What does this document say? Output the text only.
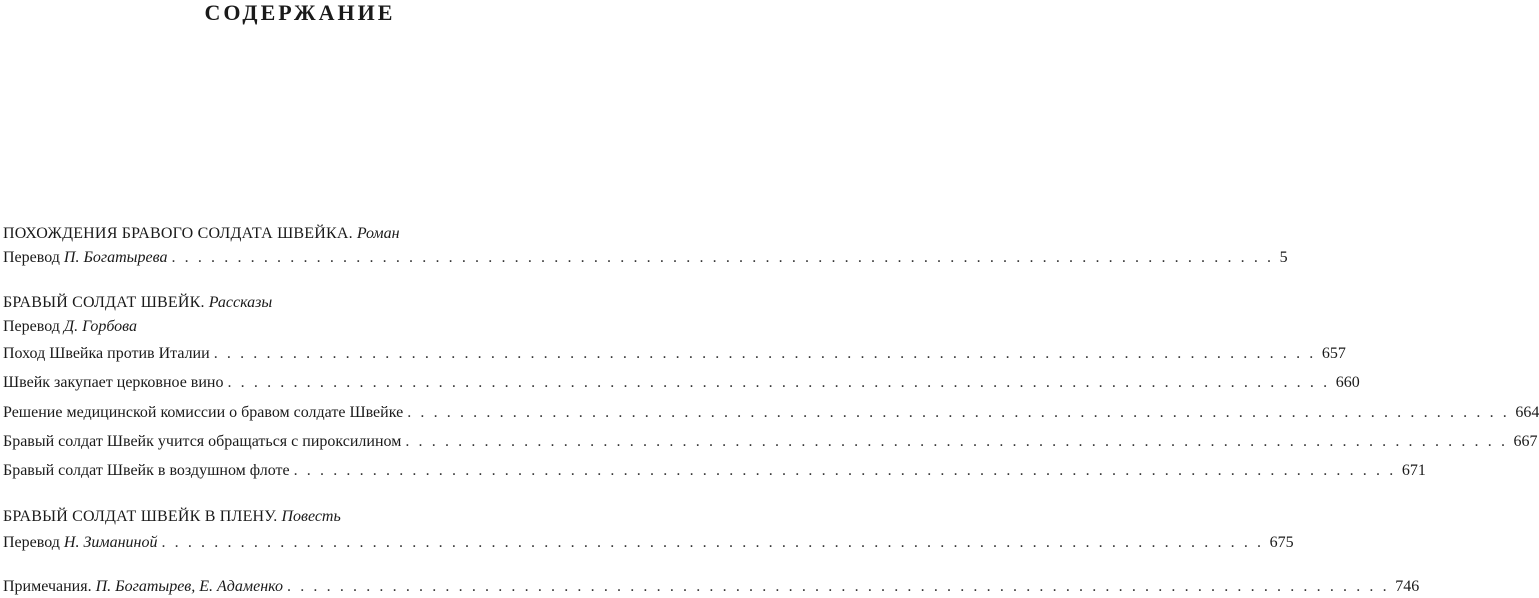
СОДЕРЖАНИЕ
ПОХОЖДЕНИЯ БРАВОГО СОЛДАТА ШВЕЙКА. Роман
Перевод П. Богатырева . . . . . . . . . . . . . . . . . . . . . . . . . . . . . . . . . . . . . . . . . . . . . . . . . . . . . . . . . . . . . . . . . . . . . . . . . . . . . . . . . . . . 5
БРАВЫЙ СОЛДАТ ШВЕЙК. Рассказы
Перевод Д. Горбова
Поход Швейка против Италии . . . . . . . . . . . . . . . . . . . . . . . . . . . . . . . . . . . . . . . . . . . . . . . . . . . . . . . . . . . . . . . . . . . . . . . . . . . . . . . . . . . . 657
Швейк закупает церковное вино . . . . . . . . . . . . . . . . . . . . . . . . . . . . . . . . . . . . . . . . . . . . . . . . . . . . . . . . . . . . . . . . . . . . . . . . . . . . . . . . . . . . 660
Решение медицинской комиссии о бравом солдате Швейке . . . . . . . . . . . . . . . . . . . . . . . . . . . . . . . . . . . . . . . . . . . . . . . . . . . . . . . . . . . . . . . . . . . . . . . . . . . . . . . . . . . . 664
Бравый солдат Швейк учится обращаться с пироксилином . . . . . . . . . . . . . . . . . . . . . . . . . . . . . . . . . . . . . . . . . . . . . . . . . . . . . . . . . . . . . . . . . . . . . . . . . . . . . . . . . . . . 667
Бравый солдат Швейк в воздушном флоте . . . . . . . . . . . . . . . . . . . . . . . . . . . . . . . . . . . . . . . . . . . . . . . . . . . . . . . . . . . . . . . . . . . . . . . . . . . . . . . . . . . . 671
БРАВЫЙ СОЛДАТ ШВЕЙК В ПЛЕНУ. Повесть
Перевод Н. Зиманиной . . . . . . . . . . . . . . . . . . . . . . . . . . . . . . . . . . . . . . . . . . . . . . . . . . . . . . . . . . . . . . . . . . . . . . . . . . . . . . . . . . . . 675
Примечания. П. Богатырев, Е. Адаменко . . . . . . . . . . . . . . . . . . . . . . . . . . . . . . . . . . . . . . . . . . . . . . . . . . . . . . . . . . . . . . . . . . . . . . . . . . . . . . . . . . . . 746
